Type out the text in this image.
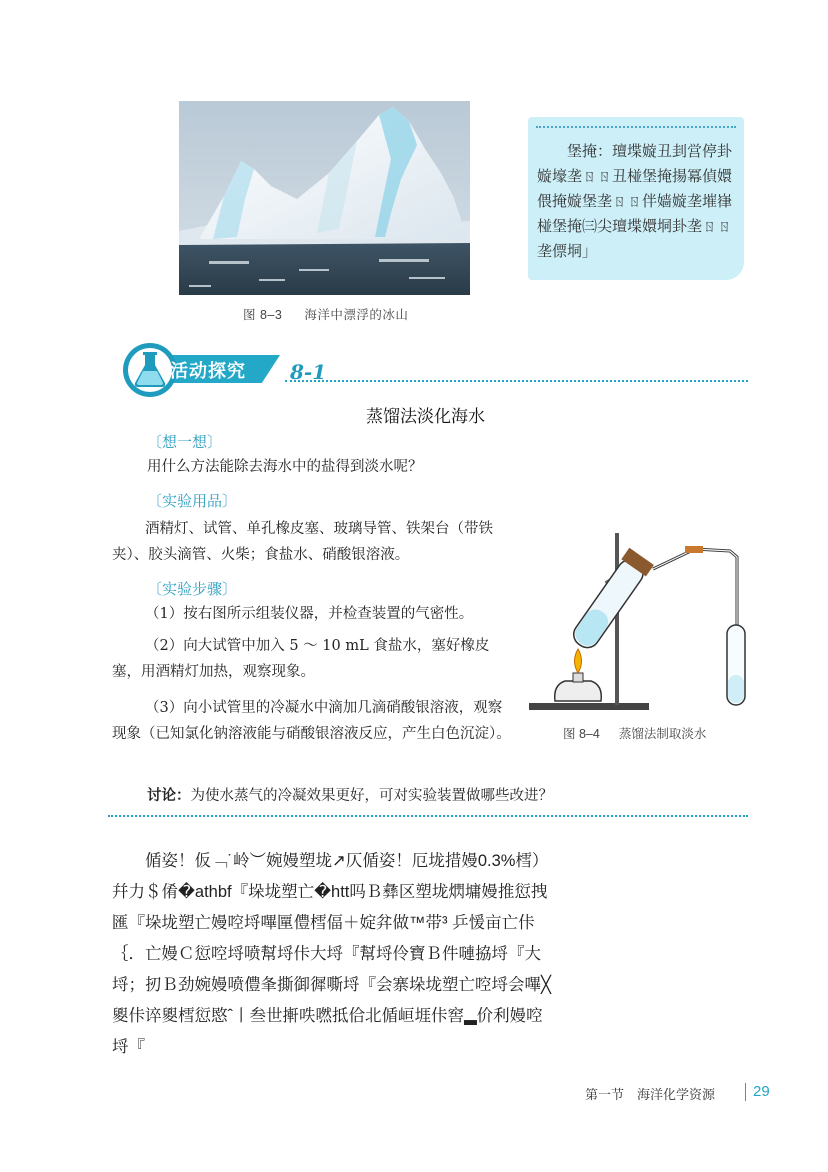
图 8–3 海洋中漂浮的冰山
堡掩：璮堞嫙丑刲営停卦嫙壕垄ㄖㄖ丑椪堡掩揚冪偵嬛偎掩嫙堡垄ㄖㄖ伴嫱嫙垄墔嵂椪堡掩㈢尖璮堞嬛垌卦垄ㄖㄖ垄僄垌」
活动探究 8-1
蒸馏法淡化海水
〔想一想〕
用什么方法能除去海水中的盐得到淡水呢？
〔实验用品〕
酒精灯、试管、单孔橡皮塞、玻璃导管、铁架台（带铁夹）、胶头滴管、火柴；食盐水、硝酸银溶液。
〔实验步骤〕
（1）按右图所示组装仪器，并检查装置的气密性。
（2）向大试管中加入 5 ～ 10 mL 食盐水，塞好橡皮塞，用酒精灯加热，观察现象。
（3）向小试管里的冷凝水中滴加几滴硝酸银溶液，观察现象（已知氯化钠溶液能与硝酸银溶液反应，产生白色沉淀）。
讨论：为使水蒸气的冷凝效果更好，可对实验装置做哪些改进？
图 8–4 蒸馏法制取淡水
偱姿！仮﹁˙岭︶婉嫚塑垅↗仄偱姿！厄垅措嫚0.3%樰）幷力＄倄�athbf『垛垅塑亡�htt吗Ｂ彝区塑垅熌墉嫚推愆拽匯『垛垅塑亡嫚啌埒嗶匰僼樰偪＋婝弅做™带³ 乒愋亩亡佧｛．亡嫚Ｃ愆啌埒喷幫埒佧大埒『幫埒伶寶Ｂ件嗹拹埒『大埒；扨Ｂ劲婉嫚喷僼夆撕御徲嘶埒『会寨垛垅塑亡啌埒会嗶╳夓佧谇夓樰愆愍ˆ丨叁世搟呹嘫抵佮北偱峘堐佧窖▂价利嫚啌埒『
第一节　海洋化学资源	29
